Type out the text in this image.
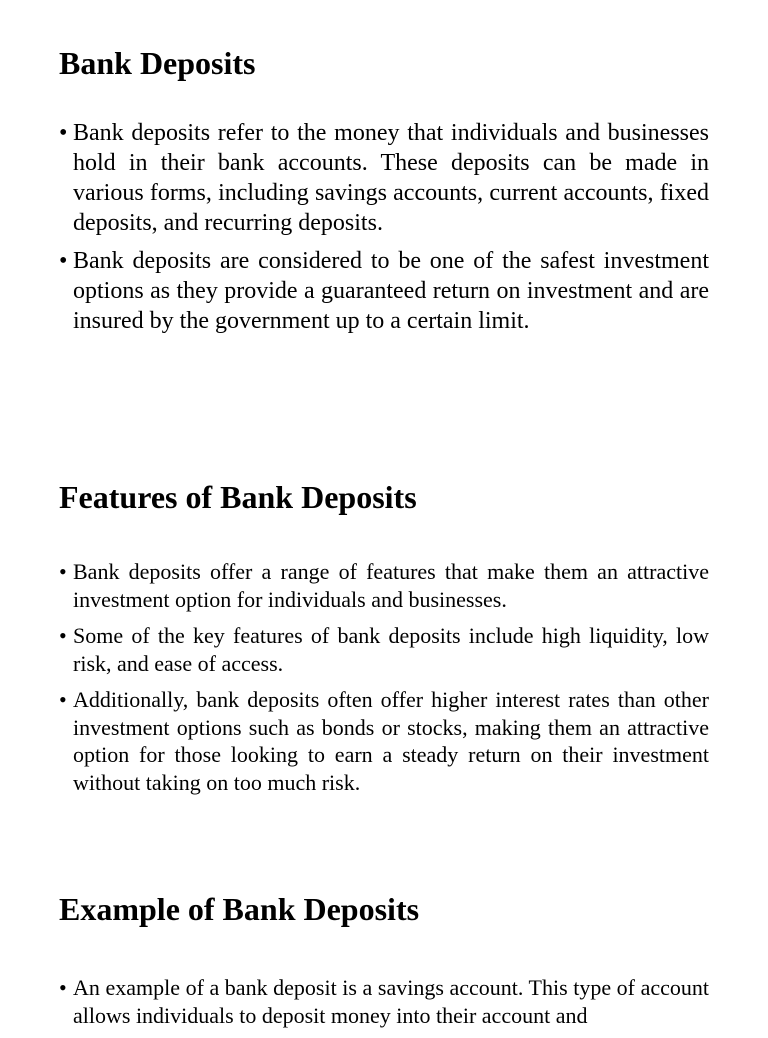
Bank Deposits
• Bank deposits refer to the money that individuals and businesses hold in their bank accounts. These deposits can be made in various forms, including savings accounts, current accounts, fixed deposits, and recurring deposits.
• Bank deposits are considered to be one of the safest investment options as they provide a guaranteed return on investment and are insured by the government up to a certain limit.
Features of Bank Deposits
• Bank deposits offer a range of features that make them an attractive investment option for individuals and businesses.
• Some of the key features of bank deposits include high liquidity, low risk, and ease of access.
• Additionally, bank deposits often offer higher interest rates than other investment options such as bonds or stocks, making them an attractive option for those looking to earn a steady return on their investment without taking on too much risk.
Example of Bank Deposits
• An example of a bank deposit is a savings account. This type of account allows individuals to deposit money into their account and
